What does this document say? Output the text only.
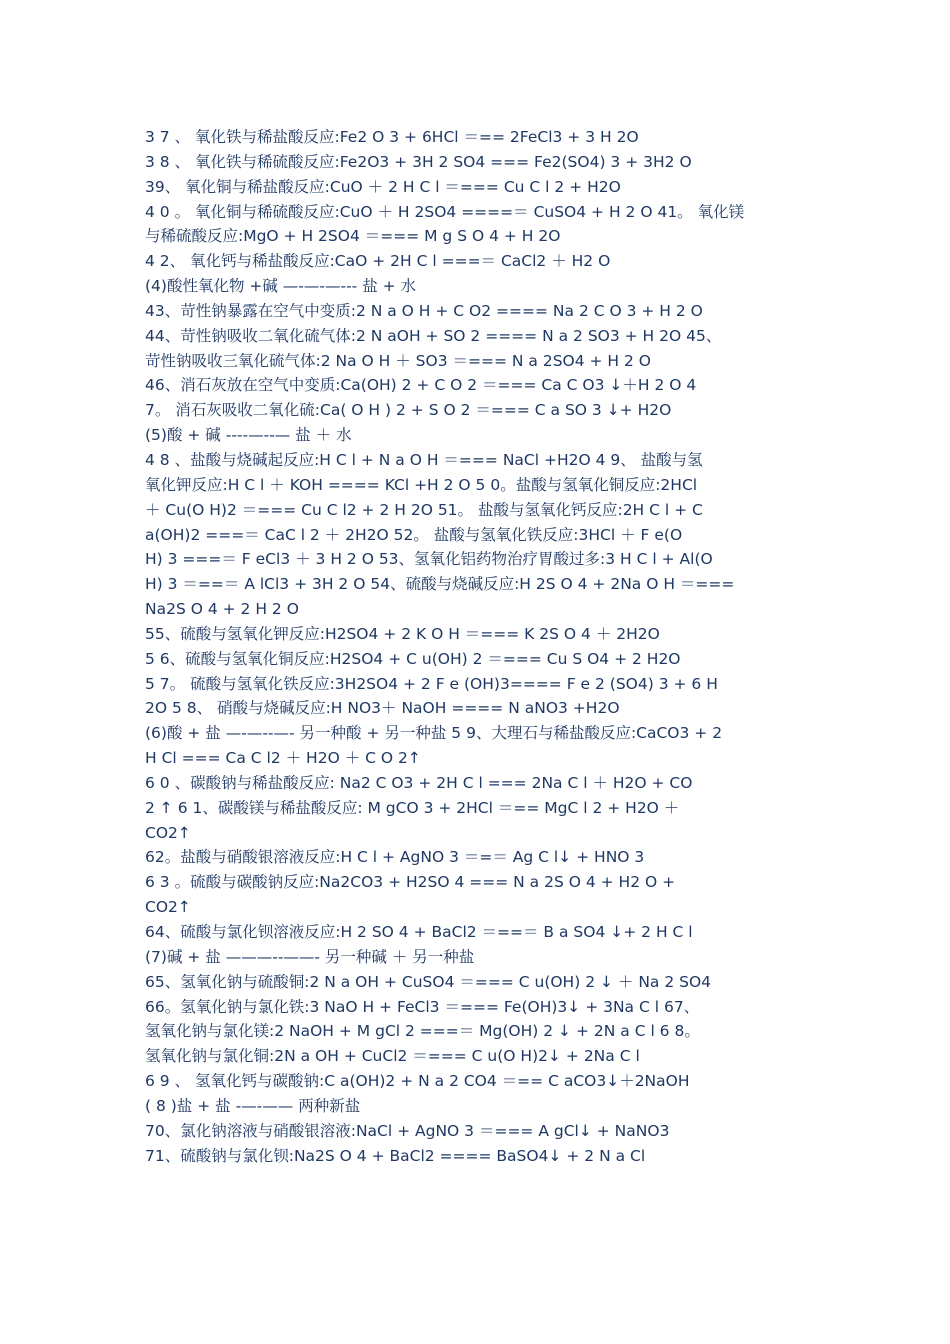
3 7 、 氧化铁与稀盐酸反应:Fe2 O 3 + 6HCl ＝== 2FeCl3 + 3 H 2O
3 8 、 氧化铁与稀硫酸反应:Fe2O3 + 3H 2 SO4 === Fe2(SO4) 3 + 3H2 O
39、 氧化铜与稀盐酸反应:CuO ＋ 2 H C l ＝=== Cu C l 2 + H2O
4 0 。 氧化铜与稀硫酸反应:CuO ＋ H 2SO4 ====＝ CuSO4 + H 2 O 41。 氧化镁
与稀硫酸反应:MgO + H 2SO4 ＝=== M g S O 4 + H 2O
4 2、 氧化钙与稀盐酸反应:CaO + 2H C l ===＝ CaCl2 ＋ H2 O
(4)酸性氧化物 +碱 —-—-—--- 盐 + 水
43、苛性钠暴露在空气中变质:2 N a O H + C O2 ==== Na 2 C O 3 + H 2 O
44、苛性钠吸收二氧化硫气体:2 N aOH + SO 2 ==== N a 2 SO3 + H 2O 45、
苛性钠吸收三氧化硫气体:2 Na O H ＋ SO3 ＝=== N a 2SO4 + H 2 O
46、消石灰放在空气中变质:Ca(OH) 2 + C O 2 ＝=== Ca C O3 ↓＋H 2 O 4
7。 消石灰吸收二氧化硫:Ca( O H ) 2 + S O 2 ＝=== C a SO 3 ↓+ H2O
(5)酸 + 碱 ----—--— 盐 ＋ 水
4 8 、盐酸与烧碱起反应:H C l + N a O H ＝=== NaCl +H2O 4 9、 盐酸与氢
氧化钾反应:H C l ＋ KOH ==== KCl +H 2 O 5 0。盐酸与氢氧化铜反应:2HCl
＋ Cu(O H)2 ＝=== Cu C l2 + 2 H 2O 51。 盐酸与氢氧化钙反应:2H C l + C
a(OH)2 ===＝ CaC l 2 ＋ 2H2O 52。 盐酸与氢氧化铁反应:3HCl ＋ F e(O
H) 3 ===＝ F eCl3 ＋ 3 H 2 O 53、氢氧化铝药物治疗胃酸过多:3 H C l + Al(O
H) 3 ＝==＝ A lCl3 + 3H 2 O 54、硫酸与烧碱反应:H 2S O 4 + 2Na O H ＝===
Na2S O 4 + 2 H 2 O
55、硫酸与氢氧化钾反应:H2SO4 + 2 K O H ＝=== K 2S O 4 ＋ 2H2O
5 6、硫酸与氢氧化铜反应:H2SO4 + C u(OH) 2 ＝=== Cu S O4 + 2 H2O
5 7。 硫酸与氢氧化铁反应:3H2SO4 + 2 F e (OH)3==== F e 2 (SO4) 3 + 6 H
2O 5 8、 硝酸与烧碱反应:H NO3＋ NaOH ==== N aNO3 +H2O
(6)酸 + 盐 —-—--—- 另一种酸 + 另一种盐 5 9、大理石与稀盐酸反应:CaCO3 + 2
H Cl === Ca C l2 ＋ H2O ＋ C O 2↑
6 0 、碳酸钠与稀盐酸反应: Na2 C O3 + 2H C l === 2Na C l ＋ H2O + CO
2 ↑ 6 1、碳酸镁与稀盐酸反应: M gCO 3 + 2HCl ＝== MgC l 2 + H2O ＋
CO2↑
62。盐酸与硝酸银溶液反应:H C l + AgNO 3 ＝=＝ Ag C l↓ + HNO 3
6 3 。硫酸与碳酸钠反应:Na2CO3 + H2SO 4 === N a 2S O 4 + H2 O +
CO2↑
64、硫酸与氯化钡溶液反应:H 2 SO 4 + BaCl2 ＝==＝ B a SO4 ↓+ 2 H C l
(7)碱 + 盐 ———--——- 另一种碱 ＋ 另一种盐
65、氢氧化钠与硫酸铜:2 N a OH + CuSO4 ＝=== C u(OH) 2 ↓ ＋ Na 2 SO4
66。氢氧化钠与氯化铁:3 NaO H + FeCl3 ＝=== Fe(OH)3↓ + 3Na C l 67、
氢氧化钠与氯化镁:2 NaOH + M gCl 2 ===＝ Mg(OH) 2 ↓ + 2N a C l 6 8。
氢氧化钠与氯化铜:2N a OH + CuCl2 ＝=== C u(O H)2↓ + 2Na C l
6 9 、 氢氧化钙与碳酸钠:C a(OH)2 + N a 2 CO4 ＝== C aCO3↓＋2NaOH
( 8 )盐 + 盐 -—-—— 两种新盐
70、氯化钠溶液与硝酸银溶液:NaCl + AgNO 3 ＝=== A gCl↓ + NaNO3
71、硫酸钠与氯化钡:Na2S O 4 + BaCl2 ==== BaSO4↓ + 2 N a Cl
